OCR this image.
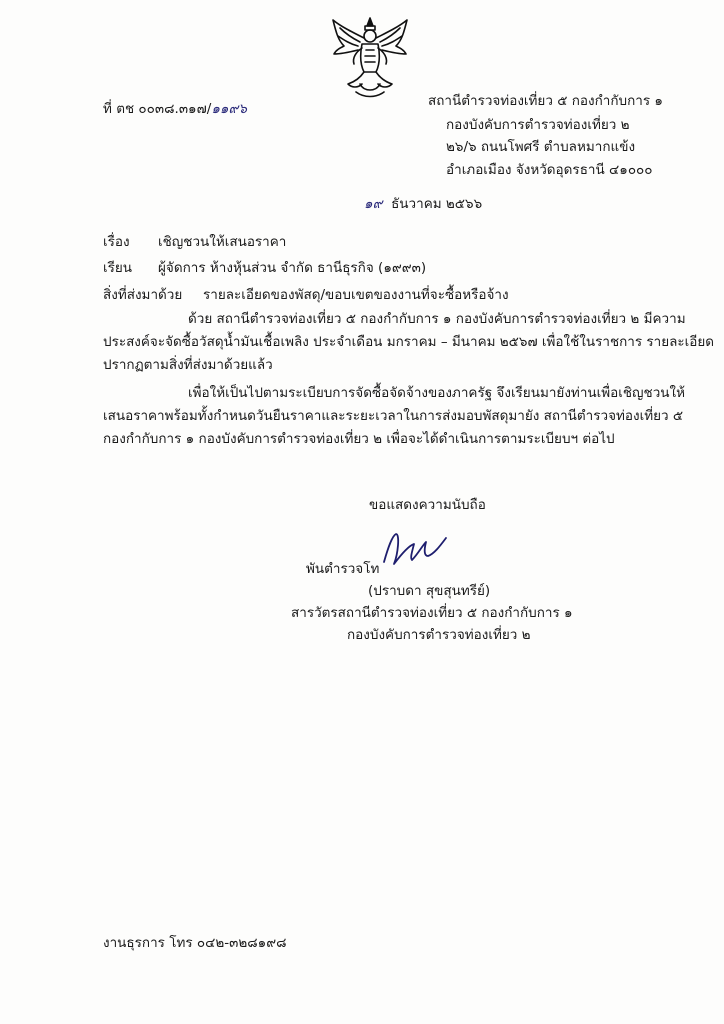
ที่ ตช ๐๐๓๘.๓๑๗/๑๑๙๖	สถานีตำรวจท่องเที่ยว ๕ กองกำกับการ ๑
กองบังคับการตำรวจท่องเที่ยว ๒
๒๖/๖ ถนนโพศรี ตำบลหมากแข้ง
อำเภอเมือง จังหวัดอุดรธานี ๔๑๐๐๐
๑๙ ธันวาคม ๒๕๖๖
เรื่อง เชิญชวนให้เสนอราคา
เรียน ผู้จัดการ ห้างหุ้นส่วน จำกัด ธานีธุรกิจ (๑๙๙๓)
สิ่งที่ส่งมาด้วย รายละเอียดของพัสดุ/ขอบเขตของงานที่จะซื้อหรือจ้าง
ด้วย สถานีตำรวจท่องเที่ยว ๕ กองกำกับการ ๑ กองบังคับการตำรวจท่องเที่ยว ๒ มีความ
ประสงค์จะจัดซื้อวัสดุน้ำมันเชื้อเพลิง ประจำเดือน มกราคม – มีนาคม ๒๕๖๗ เพื่อใช้ในราชการ รายละเอียด
ปรากฏตามสิ่งที่ส่งมาด้วยแล้ว
เพื่อให้เป็นไปตามระเบียบการจัดซื้อจัดจ้างของภาครัฐ จึงเรียนมายังท่านเพื่อเชิญชวนให้
เสนอราคาพร้อมทั้งกำหนดวันยืนราคาและระยะเวลาในการส่งมอบพัสดุมายัง สถานีตำรวจท่องเที่ยว ๕
กองกำกับการ ๑ กองบังคับการตำรวจท่องเที่ยว ๒ เพื่อจะได้ดำเนินการตามระเบียบฯ ต่อไป
ขอแสดงความนับถือ
พันตำรวจโท
(ปราบดา สุขสุนทรีย์)
สารวัตรสถานีตำรวจท่องเที่ยว ๕ กองกำกับการ ๑
กองบังคับการตำรวจท่องเที่ยว ๒
งานธุรการ โทร ๐๔๒-๓๒๘๑๙๘
